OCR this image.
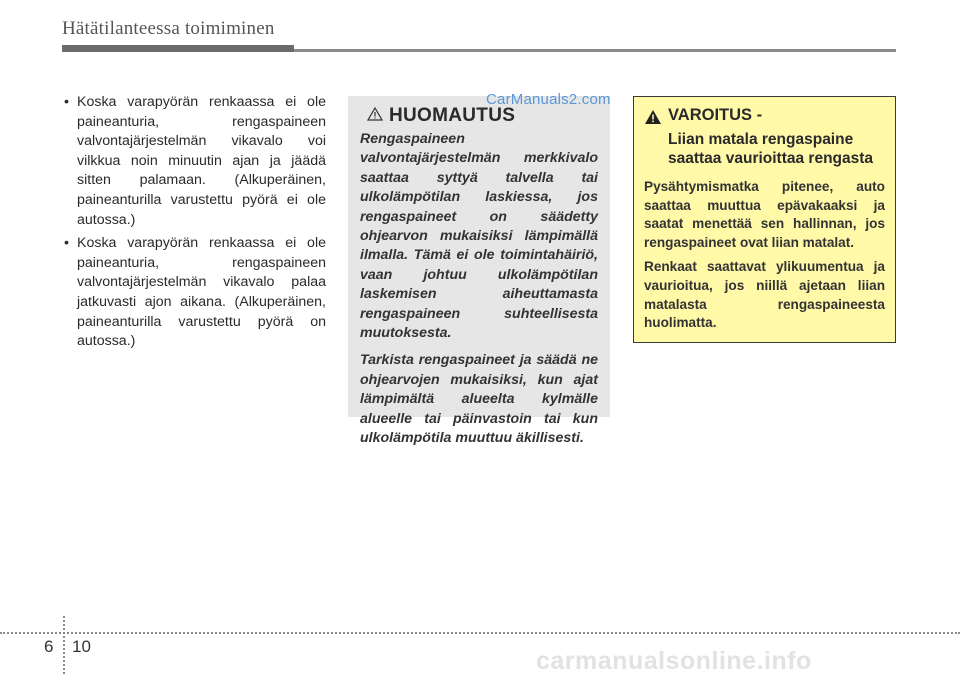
Hätätilanteessa toimiminen
• Koska varapyörän renkaassa ei ole paineanturia, rengaspaineen valvontajärjestelmän vikavalo voi vilkkua noin minuutin ajan ja jäädä sitten palamaan. (Alkuperäinen, paineanturilla varustettu pyörä ei ole autossa.)
• Koska varapyörän renkaassa ei ole paineanturia, rengaspaineen valvontajärjestelmän vikavalo palaa jatkuvasti ajon aikana. (Alkuperäinen, paineanturilla varustettu pyörä on autossa.)
HUOMAUTUS

Rengaspaineen valvontajärjestelmän merkkivalo saattaa syttyä talvella tai ulkolämpötilan laskiessa, jos rengaspaineet on säädetty ohjearvon mukaisiksi lämpimällä ilmalla. Tämä ei ole toimintahäiriö, vaan johtuu ulkolämpötilan laskemisen aiheuttamasta rengaspaineen suhteellisesta muutoksesta.

Tarkista rengaspaineet ja säädä ne ohjearvojen mukaisiksi, kun ajat lämpimältä alueelta kylmälle alueelle tai päinvastoin tai kun ulkolämpötila muuttuu äkillisesti.

CarManuals2.com
VAROITUS -
Liian matala rengaspaine saattaa vaurioittaa rengasta

Pysähtymismatka pitenee, auto saattaa muuttua epävakaaksi ja saatat menettää sen hallinnan, jos rengaspaineet ovat liian matalat.

Renkaat saattavat ylikuumentua ja vaurioitua, jos niillä ajetaan liian matalasta rengaspaineesta huolimatta.

6 10
carmanualsonline.info
